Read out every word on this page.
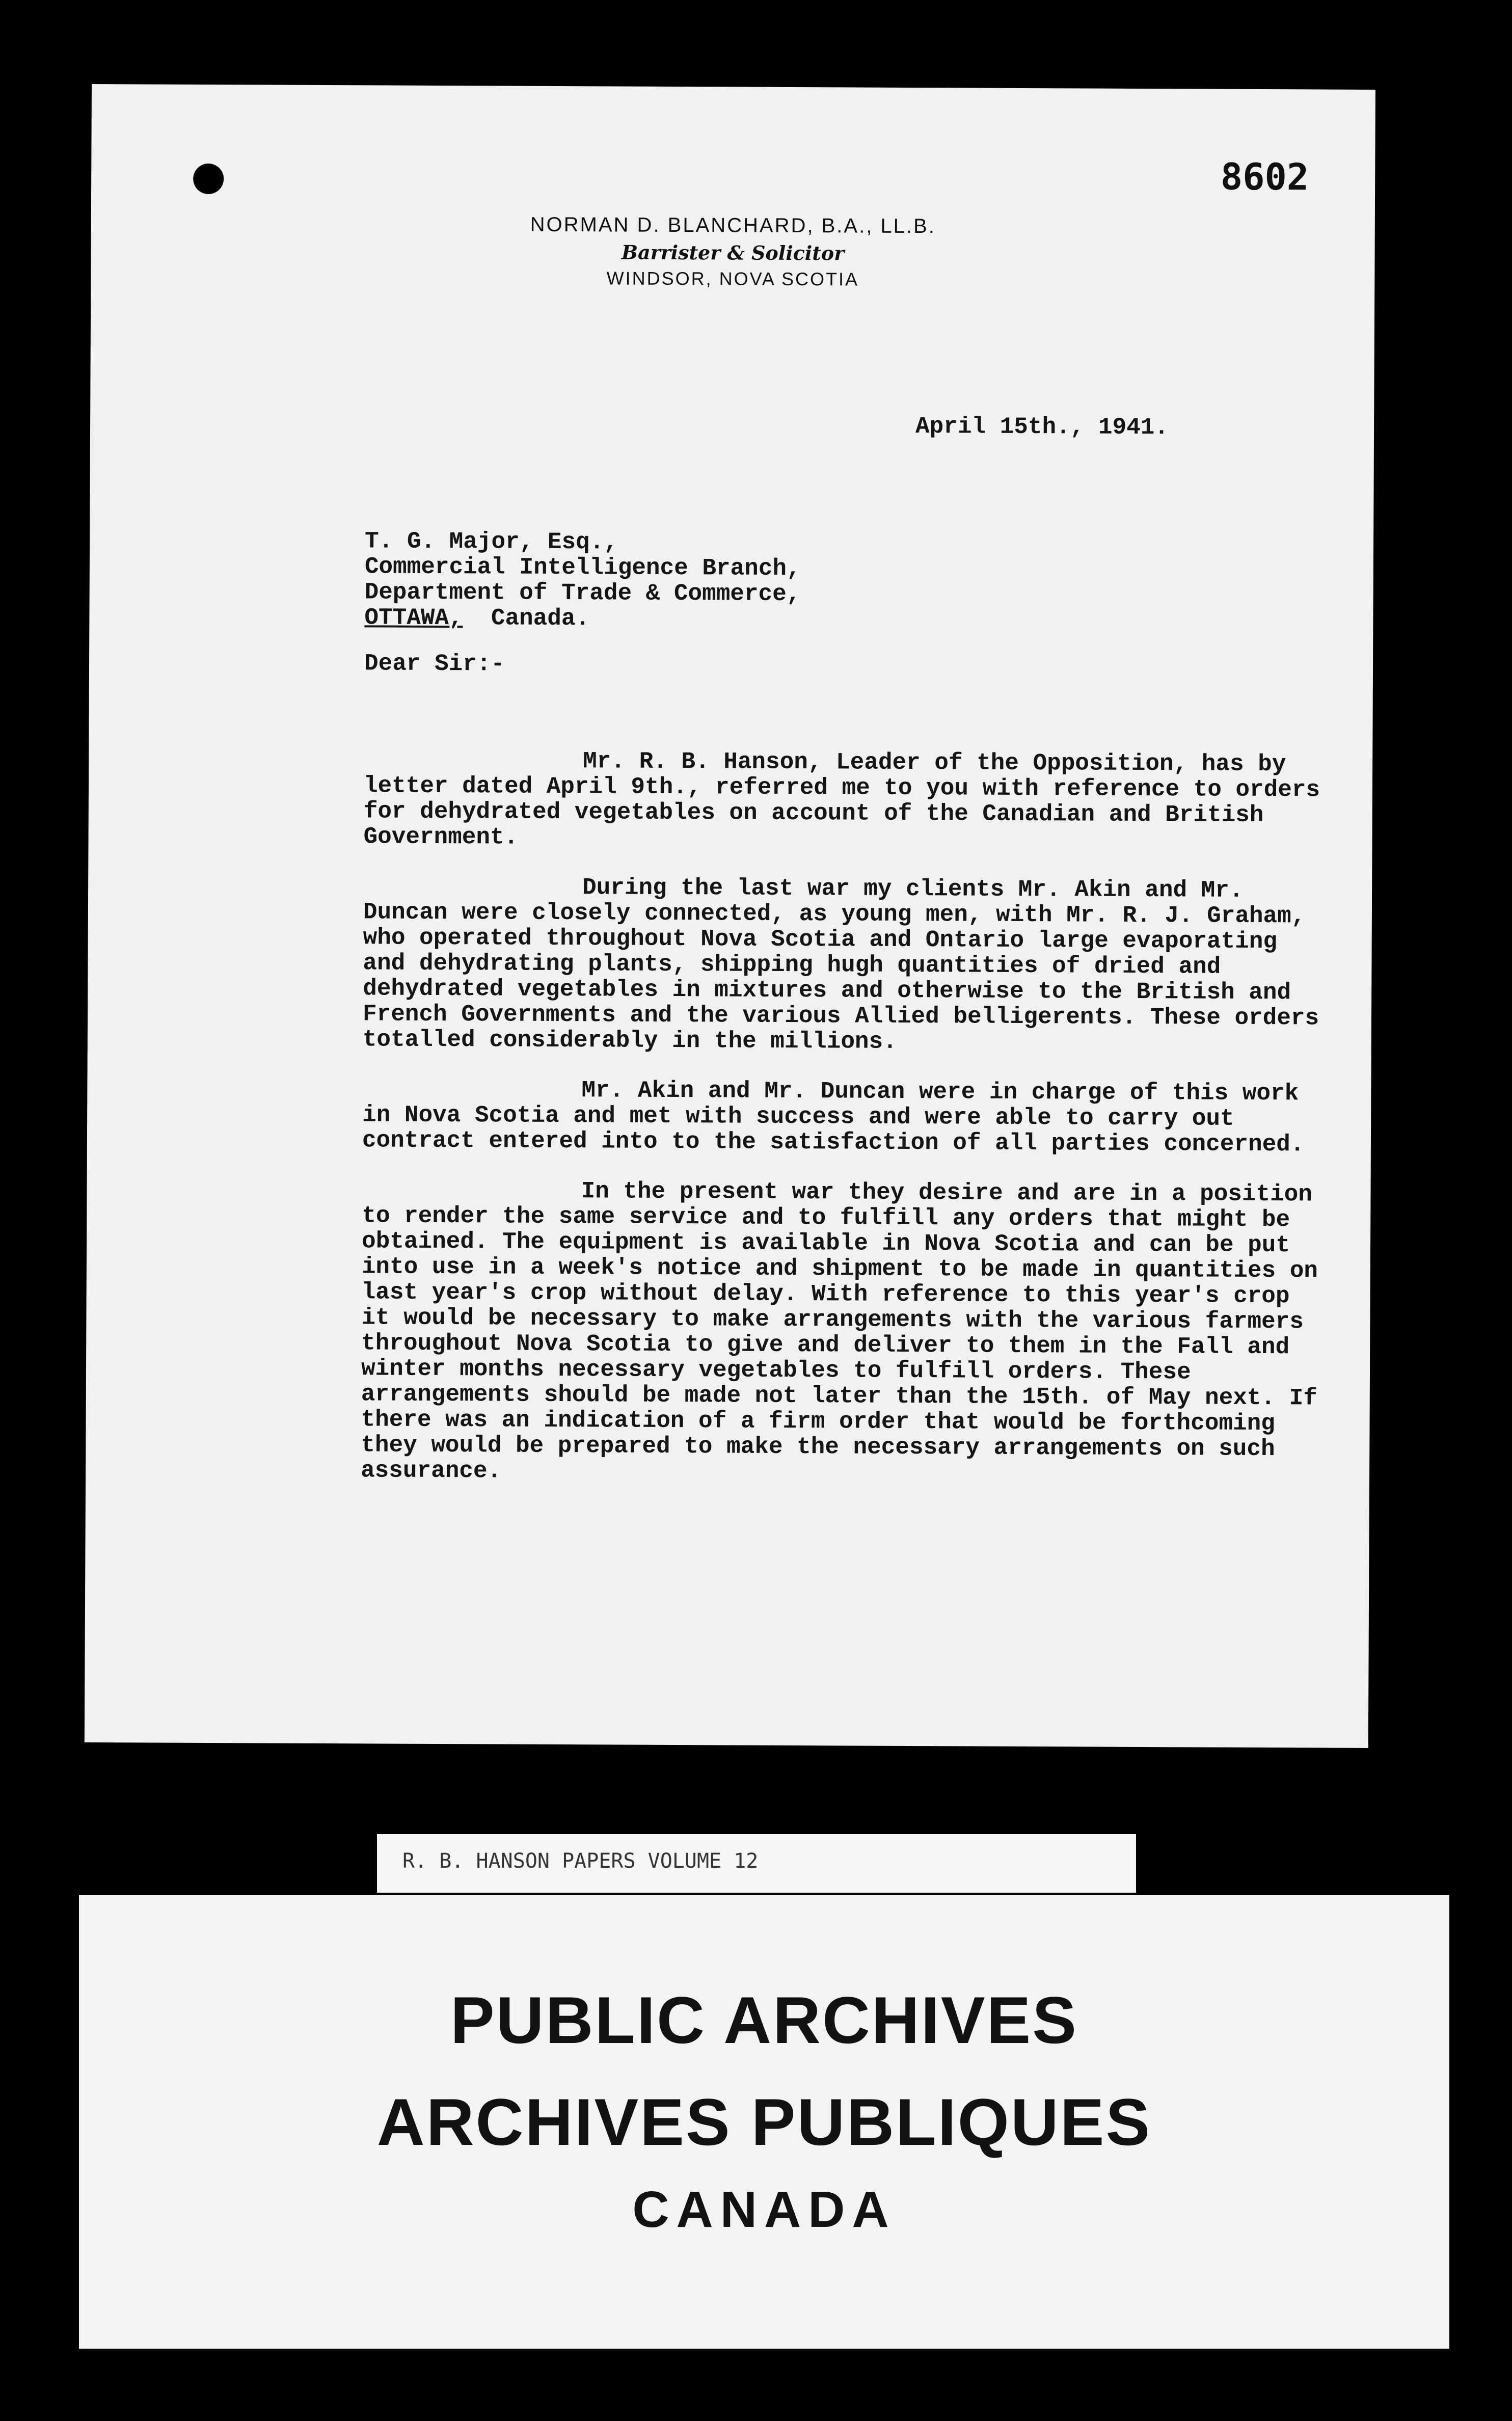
8602
NORMAN D. BLANCHARD, B.A., LL.B.
Barrister & Solicitor
WINDSOR, NOVA SCOTIA
April 15th., 1941.
T. G. Major, Esq.,
Commercial Intelligence Branch,
Department of Trade & Commerce,
OTTAWA, Canada.
Dear Sir:-

Mr. R. B. Hanson, Leader of the Opposition, has by letter dated April 9th., referred me to you with reference to orders for dehydrated vegetables on account of the Canadian and British Government.

During the last war my clients Mr. Akin and Mr. Duncan were closely connected, as young men, with Mr. R. J. Graham, who operated throughout Nova Scotia and Ontario large evaporating and dehydrating plants, shipping hugh quantities of dried and dehydrated vegetables in mixtures and otherwise to the British and French Governments and the various Allied belligerents. These orders totalled considerably in the millions.

Mr. Akin and Mr. Duncan were in charge of this work in Nova Scotia and met with success and were able to carry out contract entered into to the satisfaction of all parties concerned.

In the present war they desire and are in a position to render the same service and to fulfill any orders that might be obtained. The equipment is available in Nova Scotia and can be put into use in a week's notice and shipment to be made in quantities on last year's crop without delay. With reference to this year's crop it would be necessary to make arrangements with the various farmers throughout Nova Scotia to give and deliver to them in the Fall and winter months necessary vegetables to fulfill orders. These arrangements should be made not later than the 15th. of May next. If there was an indication of a firm order that would be forthcoming they would be prepared to make the necessary arrangements on such assurance.

R. B. HANSON PAPERS VOLUME 12
PUBLIC ARCHIVES
ARCHIVES PUBLIQUES
CANADA
